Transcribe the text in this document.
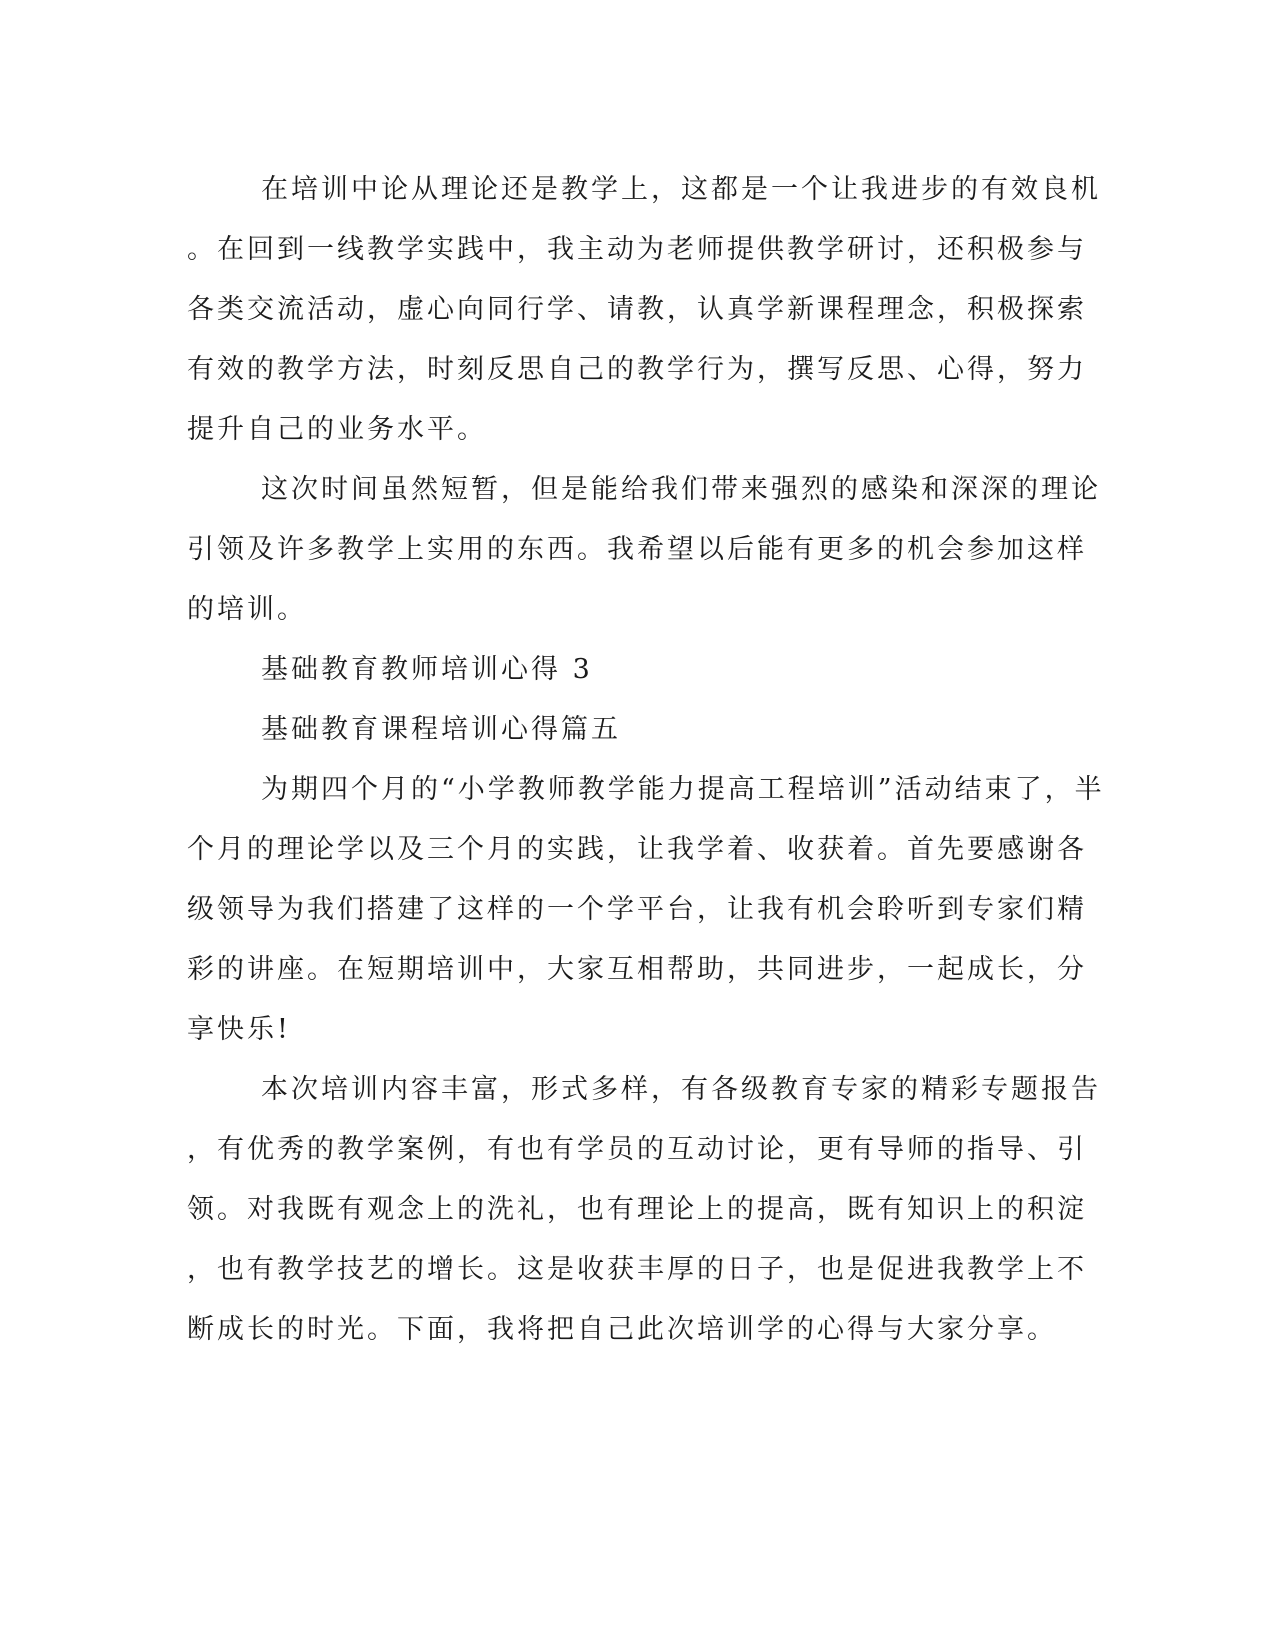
在培训中论从理论还是教学上，这都是一个让我进步的有效良机
。在回到一线教学实践中，我主动为老师提供教学研讨，还积极参与
各类交流活动，虚心向同行学、请教，认真学新课程理念，积极探索
有效的教学方法，时刻反思自己的教学行为，撰写反思、心得，努力
提升自己的业务水平。
这次时间虽然短暂，但是能给我们带来强烈的感染和深深的理论
引领及许多教学上实用的东西。我希望以后能有更多的机会参加这样
的培训。
基础教育教师培训心得 3
基础教育课程培训心得篇五
为期四个月的“小学教师教学能力提高工程培训”活动结束了，半
个月的理论学以及三个月的实践，让我学着、收获着。首先要感谢各
级领导为我们搭建了这样的一个学平台，让我有机会聆听到专家们精
彩的讲座。在短期培训中，大家互相帮助，共同进步，一起成长，分
享快乐!
本次培训内容丰富，形式多样，有各级教育专家的精彩专题报告
，有优秀的教学案例，有也有学员的互动讨论，更有导师的指导、引
领。对我既有观念上的洗礼，也有理论上的提高，既有知识上的积淀
，也有教学技艺的增长。这是收获丰厚的日子，也是促进我教学上不
断成长的时光。下面，我将把自己此次培训学的心得与大家分享。
